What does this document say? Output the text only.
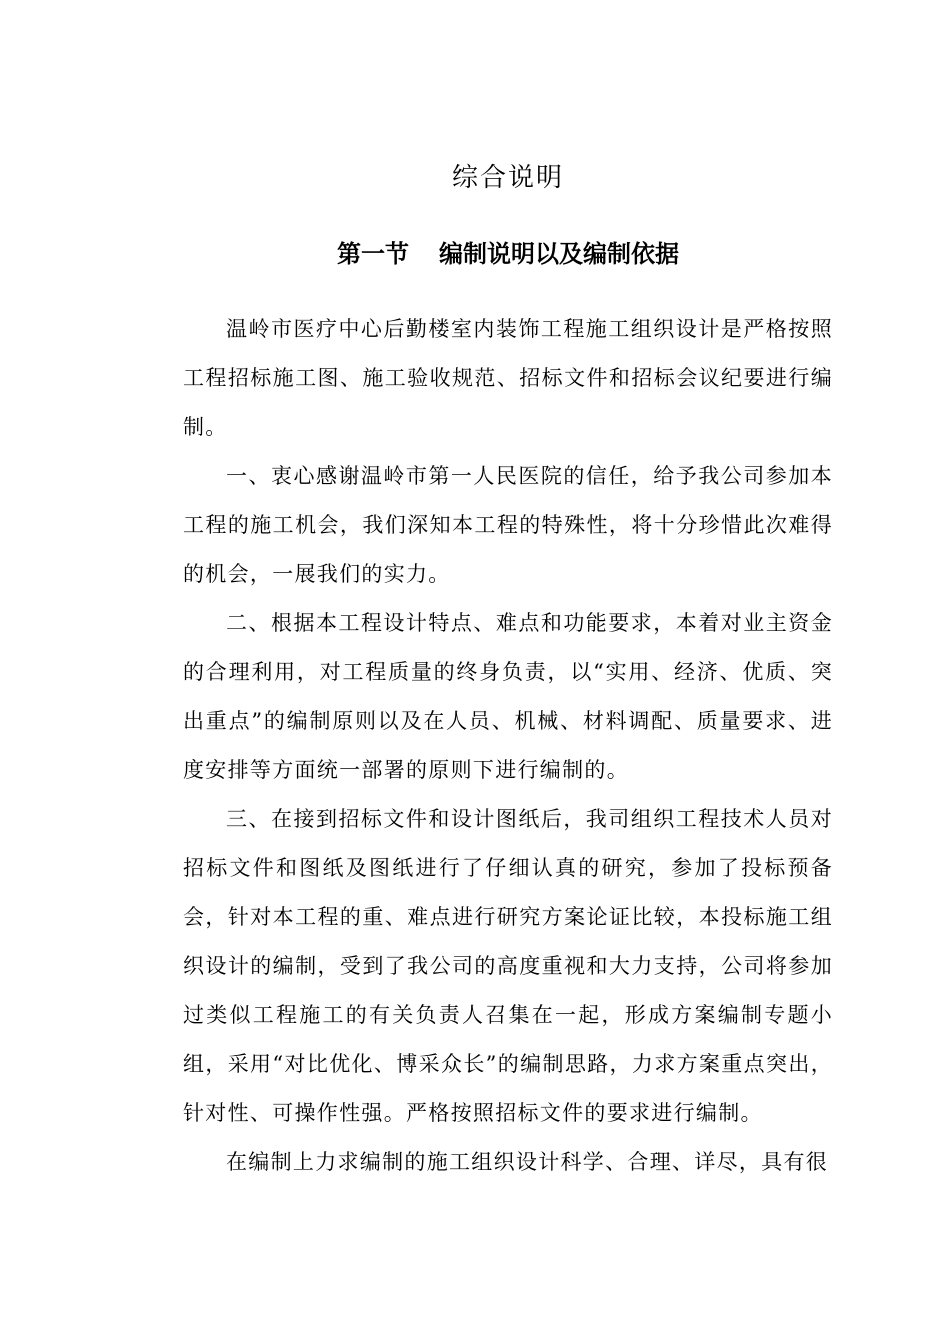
综合说明
第一节 编制说明以及编制依据

温岭市医疗中心后勤楼室内装饰工程施工组织设计是严格按照工程招标施工图、施工验收规范、招标文件和招标会议纪要进行编制。

一、衷心感谢温岭市第一人民医院的信任，给予我公司参加本工程的施工机会，我们深知本工程的特殊性，将十分珍惜此次难得的机会，一展我们的实力。

二、根据本工程设计特点、难点和功能要求，本着对业主资金的合理利用，对工程质量的终身负责，以“实用、经济、优质、突出重点”的编制原则以及在人员、机械、材料调配、质量要求、进度安排等方面统一部署的原则下进行编制的。

三、在接到招标文件和设计图纸后，我司组织工程技术人员对招标文件和图纸及图纸进行了仔细认真的研究，参加了投标预备会，针对本工程的重、难点进行研究方案论证比较，本投标施工组织设计的编制，受到了我公司的高度重视和大力支持，公司将参加过类似工程施工的有关负责人召集在一起，形成方案编制专题小组，采用“对比优化、博采众长”的编制思路，力求方案重点突出，针对性、可操作性强。严格按照招标文件的要求进行编制。

在编制上力求编制的施工组织设计科学、合理、详尽，具有很
